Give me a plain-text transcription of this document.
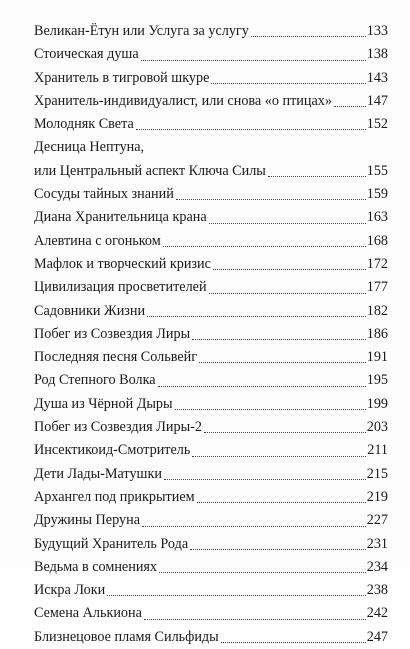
Великан-Ётун или Услуга за услугу	133
Стоическая душа	138
Хранитель в тигровой шкуре	143
Хранитель-индивидуалист, или снова «о птицах» 147
Молодняк Света	152
Десница Нептуна,
или Центральный аспект Ключа Силы	155
Сосуды тайных знаний	159
Диана Хранительница крана	163
Алевтина с огоньком	168
Мафлок и творческий кризис	172
Цивилизация просветителей	177
Садовники Жизни	182
Побег из Созвездия Лиры	186
Последняя песня Сольвейг	191
Род Степного Волка	195
Душа из Чёрной Дыры	199
Побег из Созвездия Лиры-2	203
Инсектикоид-Смотритель	211
Дети Лады-Матушки	215
Архангел под прикрытием	219
Дружины Перуна	227
Будущий Хранитель Рода	231
Ведьма в сомнениях	234
Искра Локи	238
Семена Алькиона	242
Близнецовое пламя Сильфиды	247
